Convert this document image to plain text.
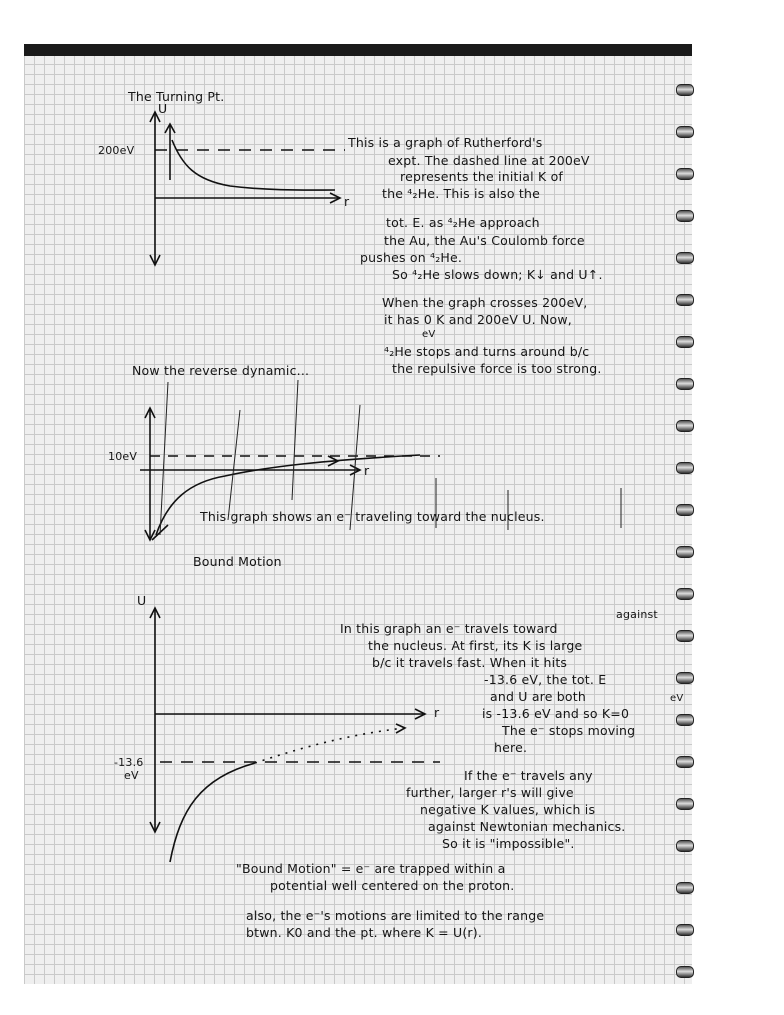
The Turning Pt.
200eV
U
r
This is a graph of Rutherford's
expt. The dashed line at 200eV
represents the initial K of
the ⁴₂He. This is also the
tot. E. as ⁴₂He approach
the Au, the Au's Coulomb force
pushes on ⁴₂He.
So ⁴₂He slows down; K↓ and U↑.
When the graph crosses 200eV,
it has 0 K and 200eV U. Now,
eV
⁴₂He stops and turns around b/c
the repulsive force is too strong.
Now the reverse dynamic...
10eV
r
This graph shows an e⁻ traveling toward the nucleus.
Bound Motion
U
r
-13.6
eV
against
In this graph an e⁻ travels toward
the nucleus. At first, its K is large
b/c it travels fast. When it hits
-13.6 eV, the tot. E
and U are both
is -13.6 eV and so K=0
eV
The e⁻ stops moving
here.
If the e⁻ travels any
further, larger r's will give
negative K values, which is
against Newtonian mechanics.
So it is "impossible".
"Bound Motion" = e⁻ are trapped within a
potential well centered on the proton.
also, the e⁻'s motions are limited to the range
btwn. K0 and the pt. where K = U(r).
